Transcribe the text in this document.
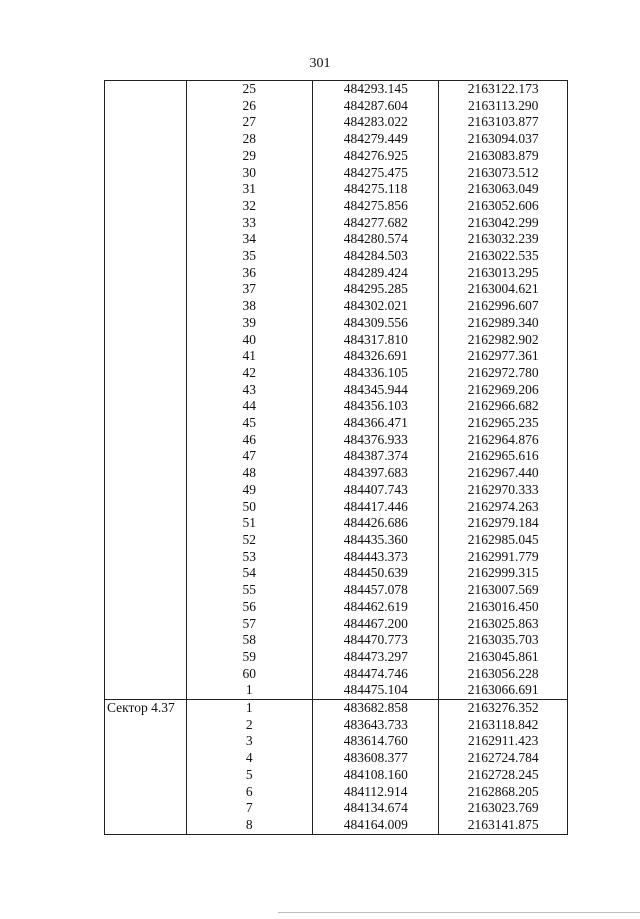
301
	25	484293.145	2163122.173
	26	484287.604	2163113.290
	27	484283.022	2163103.877
	28	484279.449	2163094.037
	29	484276.925	2163083.879
	30	484275.475	2163073.512
	31	484275.118	2163063.049
	32	484275.856	2163052.606
	33	484277.682	2163042.299
	34	484280.574	2163032.239
	35	484284.503	2163022.535
	36	484289.424	2163013.295
	37	484295.285	2163004.621
	38	484302.021	2162996.607
	39	484309.556	2162989.340
	40	484317.810	2162982.902
	41	484326.691	2162977.361
	42	484336.105	2162972.780
	43	484345.944	2162969.206
	44	484356.103	2162966.682
	45	484366.471	2162965.235
	46	484376.933	2162964.876
	47	484387.374	2162965.616
	48	484397.683	2162967.440
	49	484407.743	2162970.333
	50	484417.446	2162974.263
	51	484426.686	2162979.184
	52	484435.360	2162985.045
	53	484443.373	2162991.779
	54	484450.639	2162999.315
	55	484457.078	2163007.569
	56	484462.619	2163016.450
	57	484467.200	2163025.863
	58	484470.773	2163035.703
	59	484473.297	2163045.861
	60	484474.746	2163056.228
	1	484475.104	2163066.691
Сектор 4.37	1	483682.858	2163276.352
	2	483643.733	2163118.842
	3	483614.760	2162911.423
	4	483608.377	2162724.784
	5	484108.160	2162728.245
	6	484112.914	2162868.205
	7	484134.674	2163023.769
	8	484164.009	2163141.875
